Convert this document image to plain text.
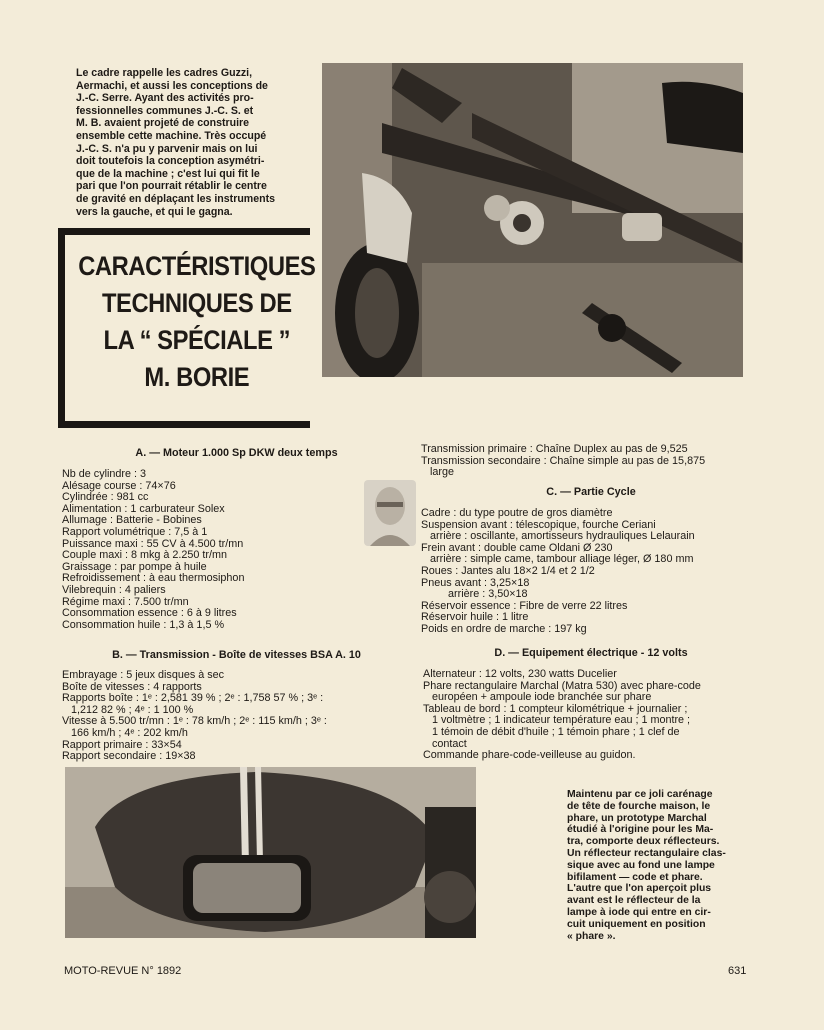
Le cadre rappelle les cadres Guzzi,
Aermachi, et aussi les conceptions de
J.-C. Serre. Ayant des activités pro-
fessionnelles communes J.-C. S. et
M. B. avaient projeté de construire
ensemble cette machine. Très occupé
J.-C. S. n'a pu y parvenir mais on lui
doit toutefois la conception asymétri-
que de la machine ; c'est lui qui fit le
pari que l'on pourrait rétablir le centre
de gravité en déplaçant les instruments
vers la gauche, et qui le gagna.
CARACTÉRISTIQUES
TECHNIQUES DE
LA “ SPÉCIALE ”
M. BORIE
A. — Moteur 1.000 Sp DKW deux temps
Nb de cylindre : 3
Alésage course : 74×76
Cylindrée : 981 cc
Alimentation : 1 carburateur Solex
Allumage : Batterie - Bobines
Rapport volumétrique : 7,5 à 1
Puissance maxi : 55 CV à 4.500 tr/mn
Couple maxi : 8 mkg à 2.250 tr/mn
Graissage : par pompe à huile
Refroidissement : à eau thermosiphon
Vilebrequin : 4 paliers
Régime maxi : 7.500 tr/mn
Consommation essence : 6 à 9 litres
Consommation huile : 1,3 à 1,5 %
B. — Transmission - Boîte de vitesses BSA A. 10
Embrayage : 5 jeux disques à sec
Boîte de vitesses : 4 rapports
Rapports boîte : 1ᵉ : 2,581 39 % ; 2ᵉ : 1,758 57 % ; 3ᵉ :
1,212 82 % ; 4ᵉ : 1 100 %
Vitesse à 5.500 tr/mn : 1ᵉ : 78 km/h ; 2ᵉ : 115 km/h ; 3ᵉ :
166 km/h ; 4ᵉ : 202 km/h
Rapport primaire : 33×54
Rapport secondaire : 19×38
Transmission primaire : Chaîne Duplex au pas de 9,525
Transmission secondaire : Chaîne simple au pas de 15,875
large
C. — Partie Cycle
Cadre : du type poutre de gros diamètre
Suspension avant : télescopique, fourche Ceriani
arrière : oscillante, amortisseurs hydrauliques Lelaurain
Frein avant : double came Oldani Ø 230
arrière : simple came, tambour alliage léger, Ø 180 mm
Roues : Jantes alu 18×2 1/4 et 2 1/2
Pneus avant : 3,25×18
arrière : 3,50×18
Réservoir essence : Fibre de verre 22 litres
Réservoir huile : 1 litre
Poids en ordre de marche : 197 kg
D. — Equipement électrique - 12 volts
Alternateur : 12 volts, 230 watts Ducelier
Phare rectangulaire Marchal (Matra 530) avec phare-code
européen + ampoule iode branchée sur phare
Tableau de bord : 1 compteur kilométrique + journalier ;
1 voltmètre ; 1 indicateur température eau ; 1 montre ;
1 témoin de débit d'huile ; 1 témoin phare ; 1 clef de
contact
Commande phare-code-veilleuse au guidon.
Maintenu par ce joli carénage
de tête de fourche maison, le
phare, un prototype Marchal
étudié à l'origine pour les Ma-
tra, comporte deux réflecteurs.
Un réflecteur rectangulaire clas-
sique avec au fond une lampe
bifilament — code et phare.
L'autre que l'on aperçoit plus
avant est le réflecteur de la
lampe à iode qui entre en cir-
cuit uniquement en position
« phare ».
MOTO-REVUE N° 1892	631
